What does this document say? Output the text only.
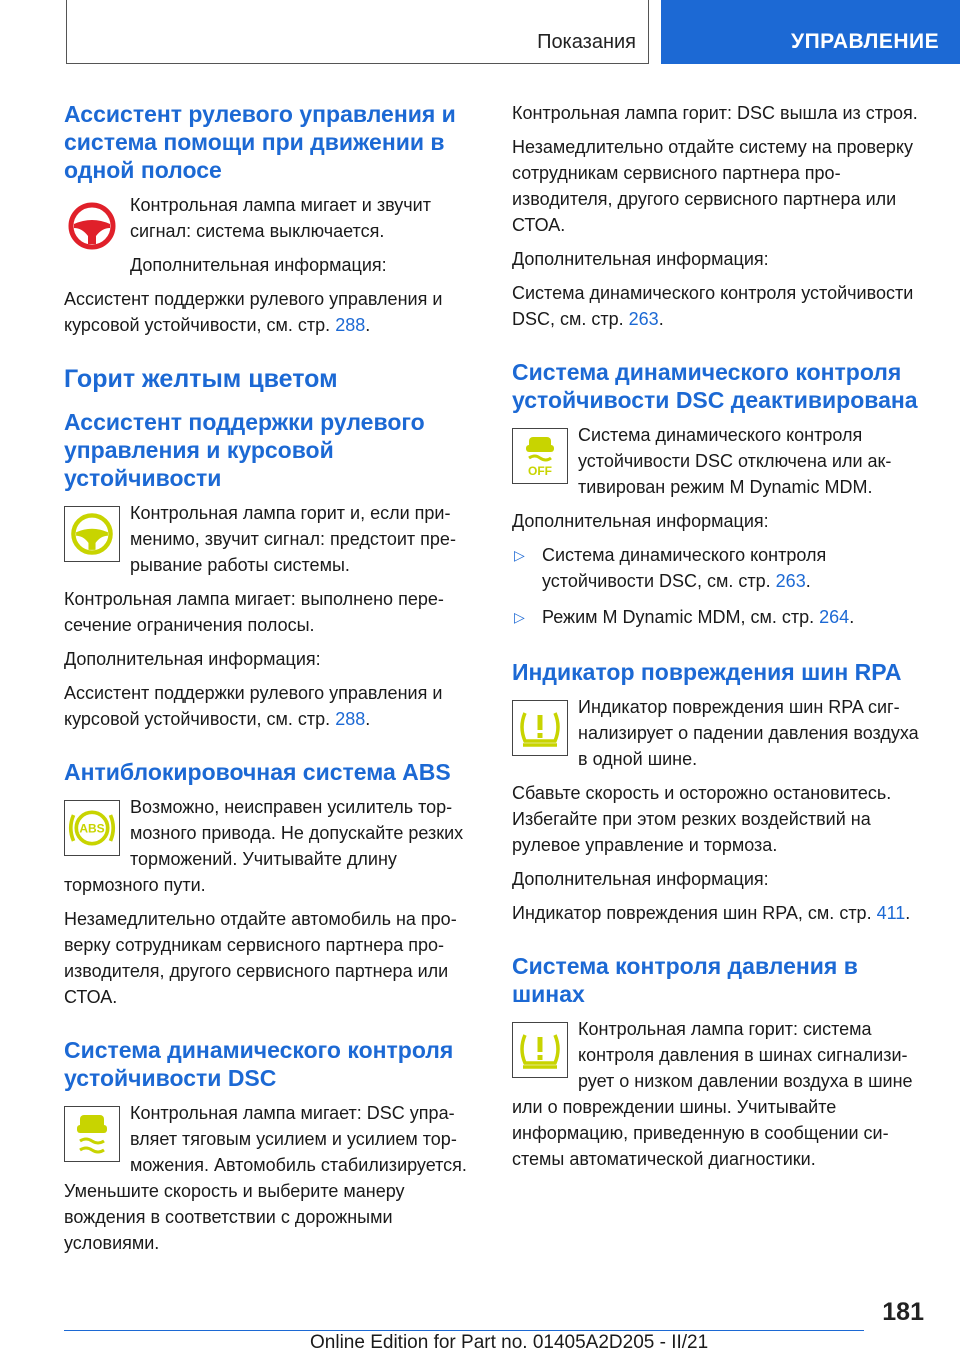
Показания	УПРАВЛЕНИЕ
Ассистент рулевого управления и система помощи при движении в одной полосе

Контрольная лампа мигает и звучит сигнал: система выключается.

Дополнительная информация:

Ассистент поддержки рулевого управления и курсовой устойчивости, см. стр. 288.

Горит желтым цветом
Ассистент поддержки рулевого управления и курсовой устойчивости

Контрольная лампа горит и, если применимо, звучит сигнал: предстоит прерывание работы системы.

Контрольная лампа мигает: выполнено пересечение ограничения полосы.

Дополнительная информация:

Ассистент поддержки рулевого управления и курсовой устойчивости, см. стр. 288.

Антиблокировочная система ABS
ABS

Возможно, неисправен усилитель тормозного привода. Не допускайте резких торможений. Учитывайте длину тормозного пути.

Незамедлительно отдайте автомобиль на проверку сотрудникам сервисного партнера производителя, другого сервисного партнера или СТОА.

Система динамического контроля устойчивости DSC

Контрольная лампа мигает: DSC управляет тяговым усилием и усилием торможения. Автомобиль стабилизируется. Уменьшите скорость и выберите манеру вождения в соответствии с дорожными условиями.

Контрольная лампа горит: DSC вышла из строя.

Незамедлительно отдайте систему на проверку сотрудникам сервисного партнера производителя, другого сервисного партнера или СТОА.

Дополнительная информация:

Система динамического контроля устойчивости DSC, см. стр. 263.

Система динамического контроля устойчивости DSC деактивирована
OFF

Система динамического контроля устойчивости DSC отключена или активирован режим M Dynamic MDM.

Дополнительная информация:

▷ Система динамического контроля устойчивости DSC, см. стр. 263.
▷ Режим M Dynamic MDM, см. стр. 264.
Индикатор повреждения шин RPA

Индикатор повреждения шин RPA сигнализирует о падении давления воздуха в одной шине.

Сбавьте скорость и осторожно остановитесь. Избегайте при этом резких воздействий на рулевое управление и тормоза.

Дополнительная информация:

Индикатор повреждения шин RPA, см. стр. 411.

Система контроля давления в шинах

Контрольная лампа горит: система контроля давления в шинах сигнализирует о низком давлении воздуха в шине или о повреждении шины. Учитывайте информацию, приведенную в сообщении системы автоматической диагностики.

181
Online Edition for Part no. 01405A2D205 - II/21
